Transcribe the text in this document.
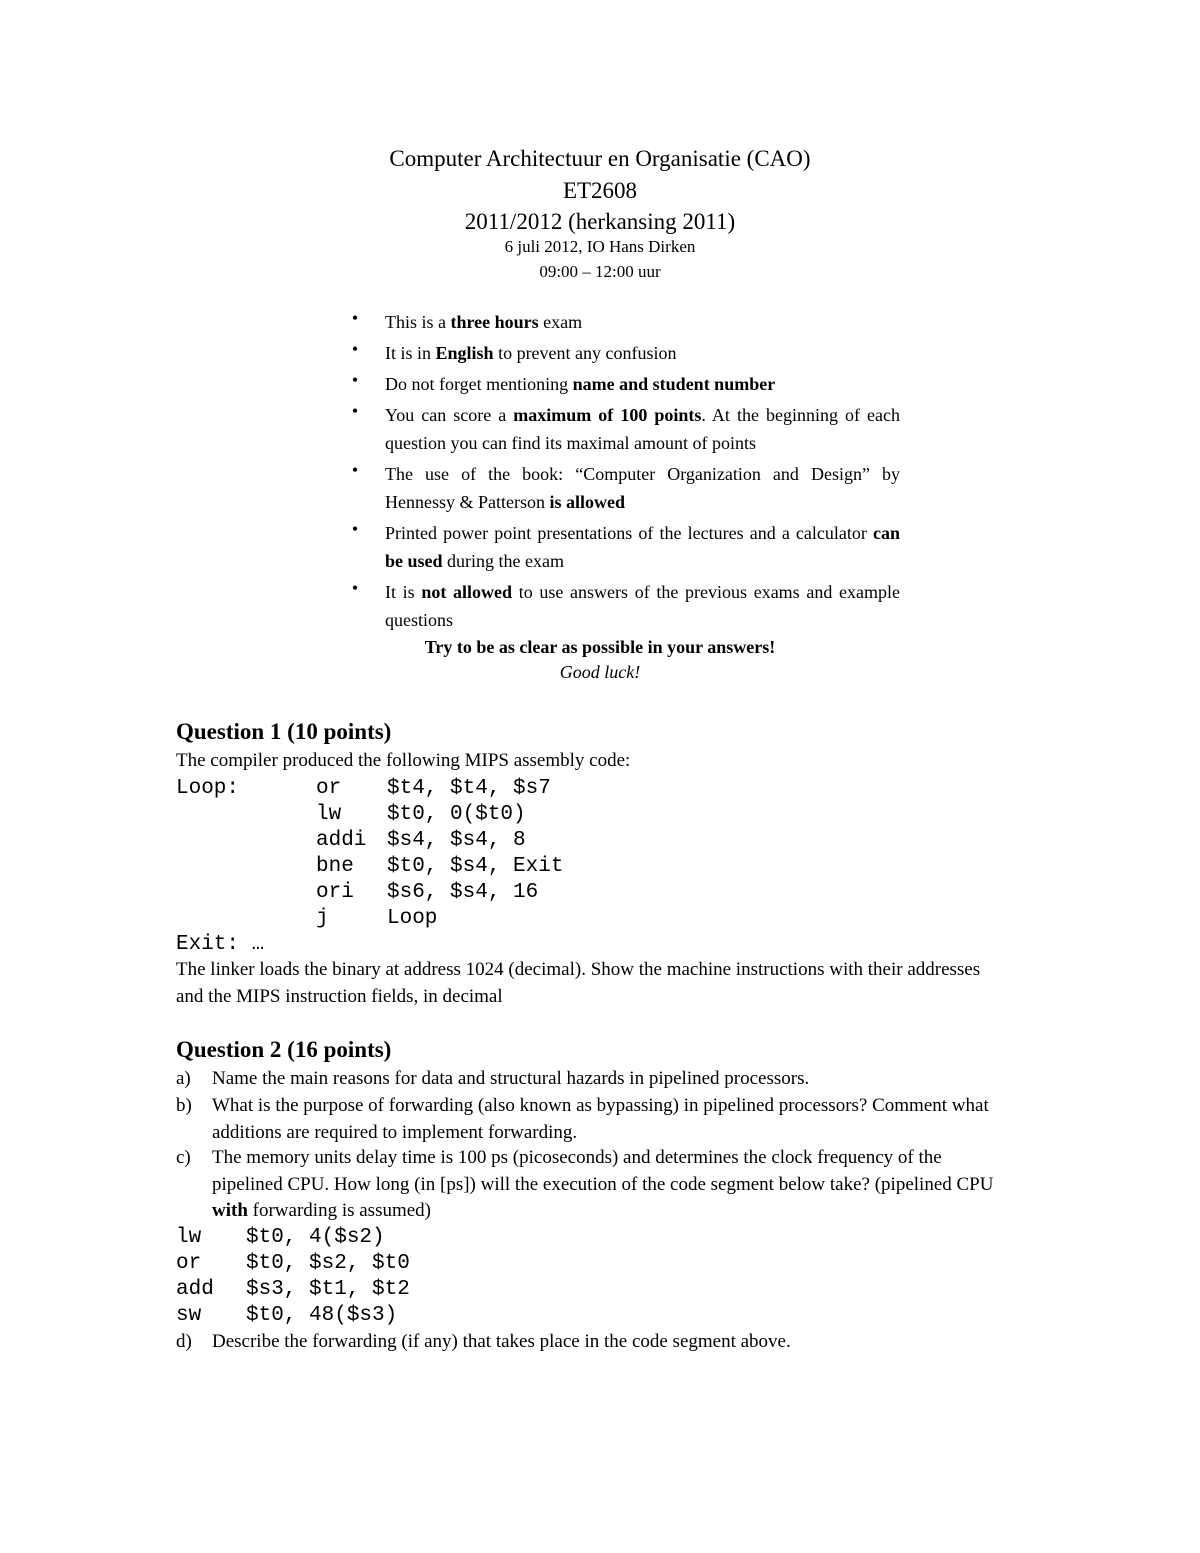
Computer Architectuur en Organisatie (CAO)
ET2608
2011/2012 (herkansing 2011)
6 juli 2012, IO Hans Dirken
09:00 – 12:00 uur
•	This is a three hours exam
•	It is in English to prevent any confusion
•	Do not forget mentioning name and student number
•	You can score a maximum of 100 points. At the beginning of each question you can find its maximal amount of points
•	The use of the book: “Computer Organization and Design” by Hennessy & Patterson is allowed
•	Printed power point presentations of the lectures and a calculator can be used during the exam
•	It is not allowed to use answers of the previous exams and example questions
Try to be as clear as possible in your answers!
Good luck!
Question 1 (10 points)
The compiler produced the following MIPS assembly code:
Loop:	or $t4, $t4, $s7
lw $t0, 0($t0)
addi $s4, $s4, 8
bne $t0, $s4, Exit
ori $s6, $s4, 16
j	Loop
Exit: …
The linker loads the binary at address 1024 (decimal). Show the machine instructions with their addresses and the MIPS instruction fields, in decimal
Question 2 (16 points)
a) Name the main reasons for data and structural hazards in pipelined processors.
b) What is the purpose of forwarding (also known as bypassing) in pipelined processors? Comment what additions are required to implement forwarding.
c) The memory units delay time is 100 ps (picoseconds) and determines the clock frequency of the pipelined CPU. How long (in [ps]) will the execution of the code segment below take? (pipelined CPU with forwarding is assumed)
lw $t0, 4($s2)
or $t0, $s2, $t0
add $s3, $t1, $t2
sw $t0, 48($s3)
d) Describe the forwarding (if any) that takes place in the code segment above.
